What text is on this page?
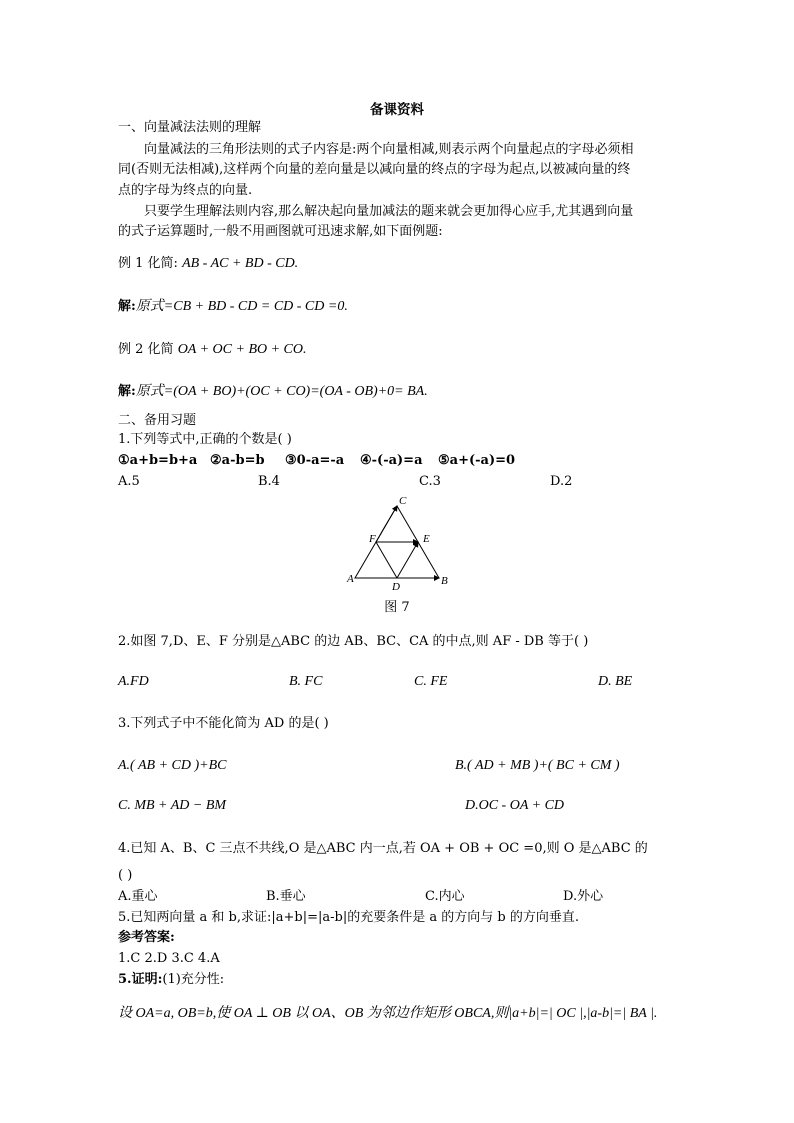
备课资料
一、向量减法法则的理解
向量减法的三角形法则的式子内容是:两个向量相减,则表示两个向量起点的字母必须相
同(否则无法相减),这样两个向量的差向量是以减向量的终点的字母为起点,以被减向量的终
点的字母为终点的向量.
只要学生理解法则内容,那么解决起向量加减法的题来就会更加得心应手,尤其遇到向量
的式子运算题时,一般不用画图就可迅速求解,如下面例题:
例 1 化简: AB - AC + BD - CD.
解:原式=CB + BD - CD = CD - CD =0.
例 2 化简 OA + OC + BO + CO.
解:原式=(OA + BO)+(OC + CO)=(OA - OB)+0= BA.
二、备用习题
1.下列等式中,正确的个数是( )
①a+b=b+a ②a-b=b ③0-a=-a ④-(-a)=a ⑤a+(-a)=0
A.5	B.4	C.3	D.2
C
F	E
A
D	B
图 7
2.如图 7,D、E、F 分别是△ABC 的边 AB、BC、CA 的中点,则 AF - DB 等于( )
A.FD	B. FC	C. FE	D. BE
3.下列式子中不能化简为 AD 的是( )
A.( AB + CD )+BC	B.( AD + MB )+( BC + CM )
C. MB + AD − BM	D.OC - OA + CD
4.已知 A、B、C 三点不共线,O 是△ABC 内一点,若 OA + OB + OC =0,则 O 是△ABC 的
( )
A.重心	B.垂心	C.内心	D.外心
5.已知两向量 a 和 b,求证:|a+b|=|a-b|的充要条件是 a 的方向与 b 的方向垂直.
参考答案:
1.C 2.D 3.C 4.A
5.证明:(1)充分性:
设 OA=a, OB=b,使 OA ⊥ OB 以 OA、OB 为邻边作矩形 OBCA,则|a+b|=| OC |,|a-b|=| BA |.
